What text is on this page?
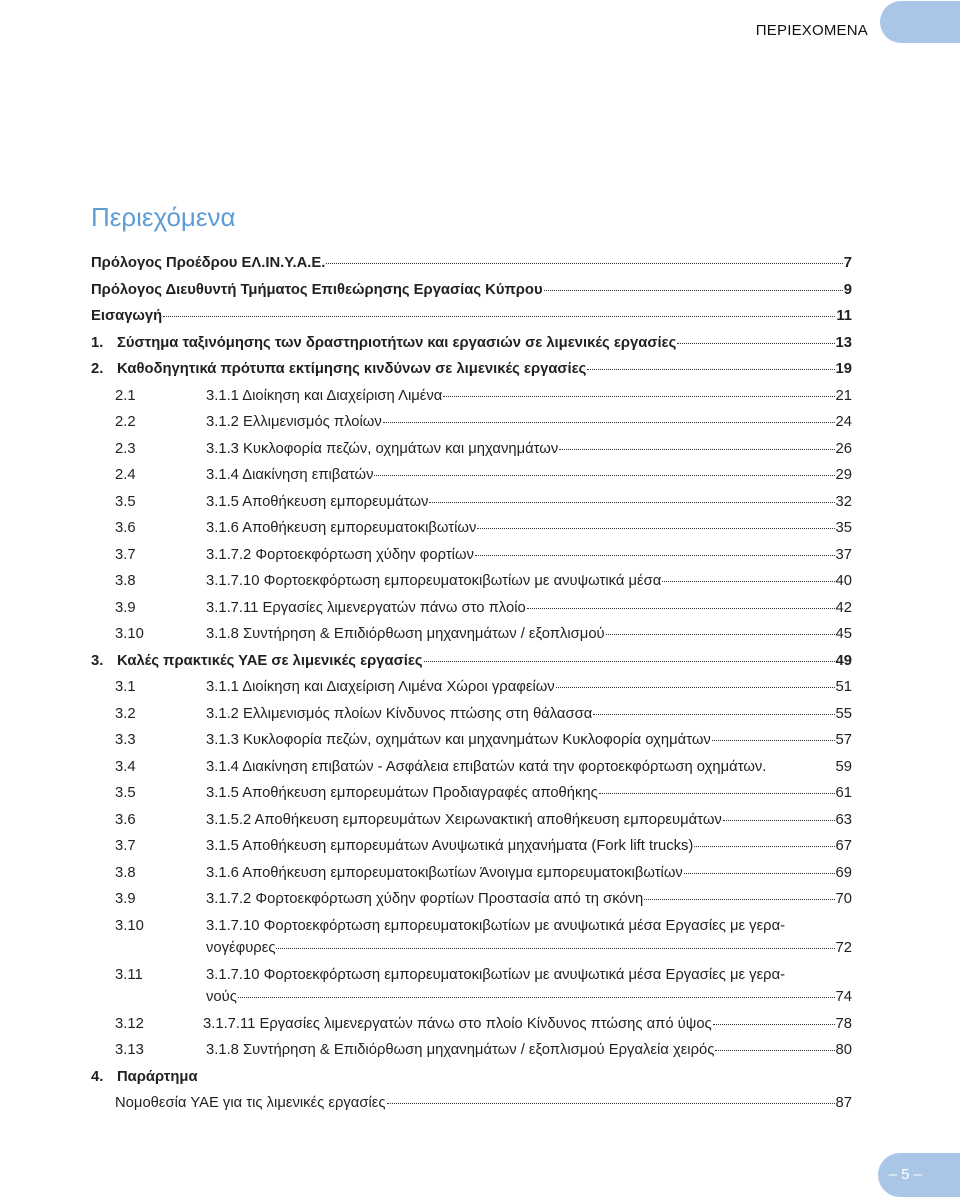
ΠΕΡΙΕΧΟΜΕΝΑ
Περιεχόμενα
Πρόλογος Προέδρου ΕΛ.ΙΝ.Υ.Α.Ε.	7
Πρόλογος Διευθυντή Τμήματος Επιθεώρησης Εργασίας Κύπρου	9
Εισαγωγή	11
1. Σύστημα ταξινόμησης των δραστηριοτήτων και εργασιών σε λιμενικές εργασίες	13
2. Καθοδηγητικά πρότυπα εκτίμησης κινδύνων σε λιμενικές εργασίες	19
2.1	3.1.1 Διοίκηση και Διαχείριση Λιμένα	21
2.2	3.1.2 Ελλιμενισμός πλοίων	24
2.3	3.1.3 Κυκλοφορία πεζών, οχημάτων και μηχανημάτων	26
2.4	3.1.4 Διακίνηση επιβατών	29
3.5	3.1.5 Αποθήκευση εμπορευμάτων	32
3.6	3.1.6 Αποθήκευση εμπορευματοκιβωτίων	35
3.7	3.1.7.2 Φορτοεκφόρτωση χύδην φορτίων	37
3.8	3.1.7.10 Φορτοεκφόρτωση εμπορευματοκιβωτίων με ανυψωτικά μέσα	40
3.9	3.1.7.11 Εργασίες λιμενεργατών πάνω στο πλοίο	42
3.10	3.1.8 Συντήρηση & Επιδιόρθωση μηχανημάτων / εξοπλισμού	45
3. Καλές πρακτικές ΥΑΕ σε λιμενικές εργασίες	49
3.1	3.1.1 Διοίκηση και Διαχείριση Λιμένα Χώροι γραφείων	51
3.2	3.1.2 Ελλιμενισμός πλοίων Κίνδυνος πτώσης στη θάλασσα	55
3.3	3.1.3 Κυκλοφορία πεζών, οχημάτων και μηχανημάτων Κυκλοφορία οχημάτων	57
3.4	3.1.4 Διακίνηση επιβατών - Ασφάλεια επιβατών κατά την φορτοεκφόρτωση οχημάτων.	59
3.5	3.1.5 Αποθήκευση εμπορευμάτων Προδιαγραφές αποθήκης	61
3.6	3.1.5.2 Αποθήκευση εμπορευμάτων Χειρωνακτική αποθήκευση εμπορευμάτων	63
3.7	3.1.5 Αποθήκευση εμπορευμάτων Ανυψωτικά μηχανήματα (Fork lift trucks)	67
3.8	3.1.6 Αποθήκευση εμπορευματοκιβωτίων Άνοιγμα εμπορευματοκιβωτίων	69
3.9	3.1.7.2 Φορτοεκφόρτωση χύδην φορτίων Προστασία από τη σκόνη	70
3.10	3.1.7.10 Φορτοεκφόρτωση εμπορευματοκιβωτίων με ανυψωτικά μέσα Εργασίες με γερα-
νογέφυρες	72
3.11	3.1.7.10 Φορτοεκφόρτωση εμπορευματοκιβωτίων με ανυψωτικά μέσα Εργασίες με γερα-
νούς	74
3.12	3.1.7.11 Εργασίες λιμενεργατών πάνω στο πλοίο Κίνδυνος πτώσης από ύψος	78
3.13	3.1.8 Συντήρηση & Επιδιόρθωση μηχανημάτων / εξοπλισμού Εργαλεία χειρός	80
4. Παράρτημα
Νομοθεσία ΥΑΕ για τις λιμενικές εργασίες	87
– 5 –
